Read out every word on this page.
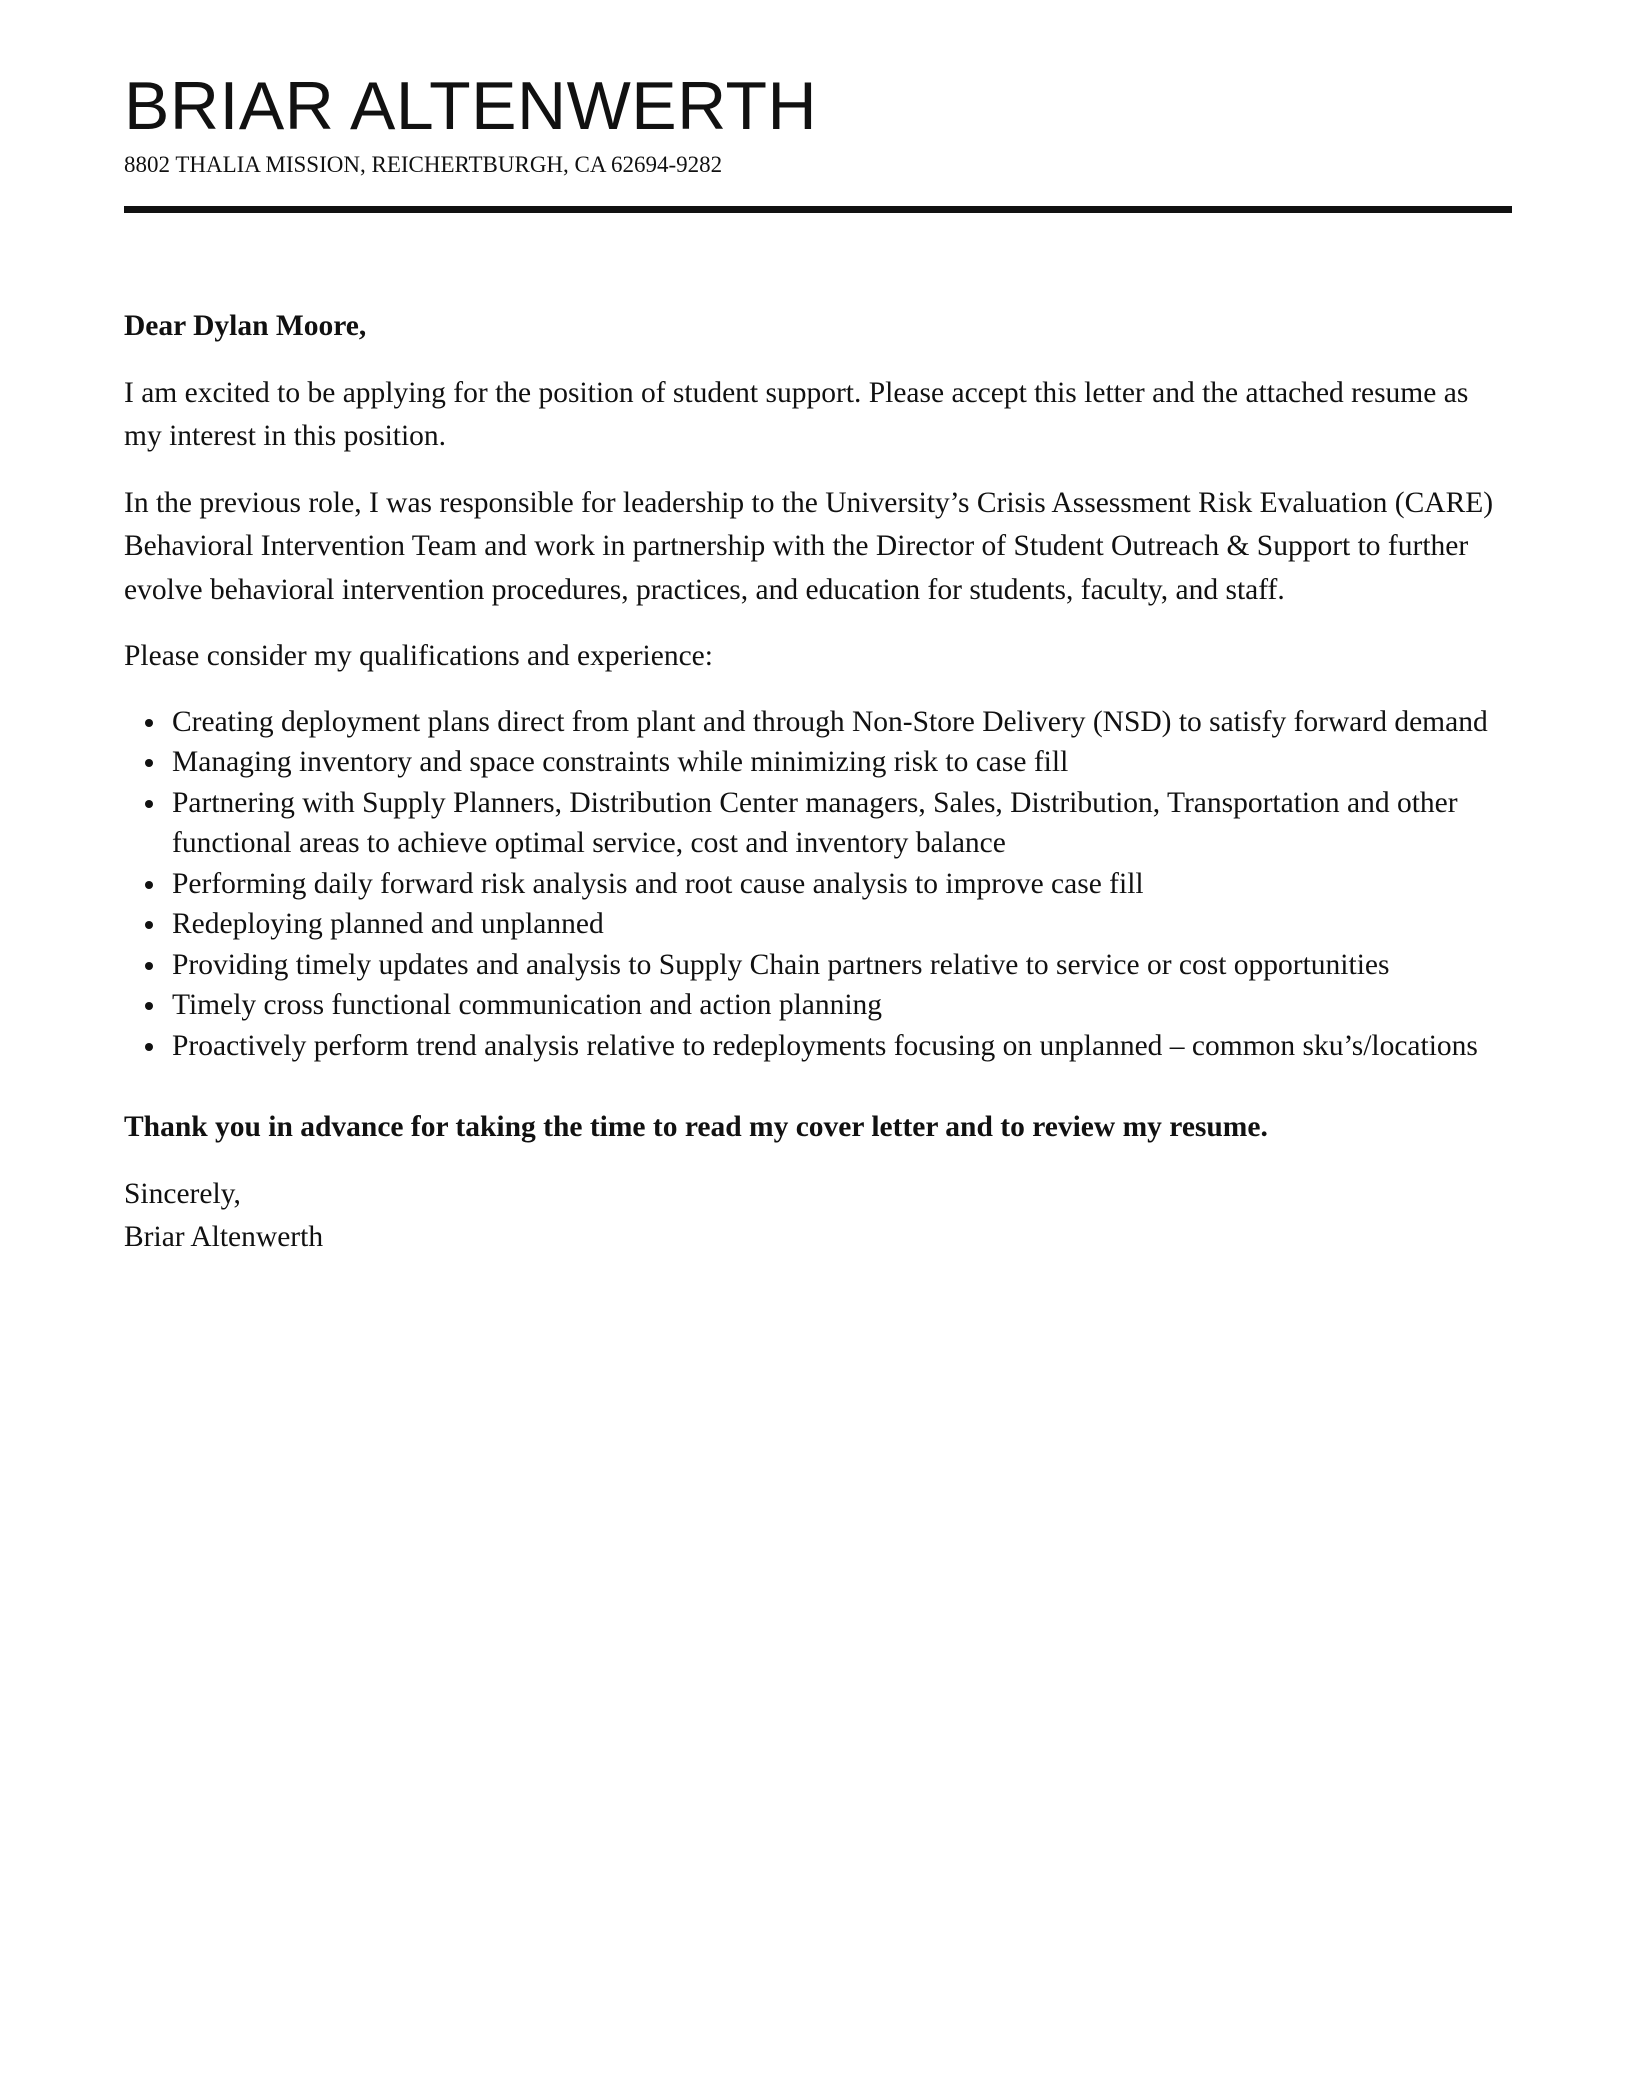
BRIAR ALTENWERTH
8802 THALIA MISSION, REICHERTBURGH, CA 62694-9282

Dear Dylan Moore,

I am excited to be applying for the position of student support. Please accept this letter and the attached resume as my interest in this position.

In the previous role, I was responsible for leadership to the University’s Crisis Assessment Risk Evaluation (CARE) Behavioral Intervention Team and work in partnership with the Director of Student Outreach & Support to further evolve behavioral intervention procedures, practices, and education for students, faculty, and staff.

Please consider my qualifications and experience:

Creating deployment plans direct from plant and through Non-Store Delivery (NSD) to satisfy forward demand
Managing inventory and space constraints while minimizing risk to case fill
Partnering with Supply Planners, Distribution Center managers, Sales, Distribution, Transportation and other functional areas to achieve optimal service, cost and inventory balance
Performing daily forward risk analysis and root cause analysis to improve case fill
Redeploying planned and unplanned
Providing timely updates and analysis to Supply Chain partners relative to service or cost opportunities
Timely cross functional communication and action planning
Proactively perform trend analysis relative to redeployments focusing on unplanned – common sku’s/locations

Thank you in advance for taking the time to read my cover letter and to review my resume.

Sincerely,

Briar Altenwerth
